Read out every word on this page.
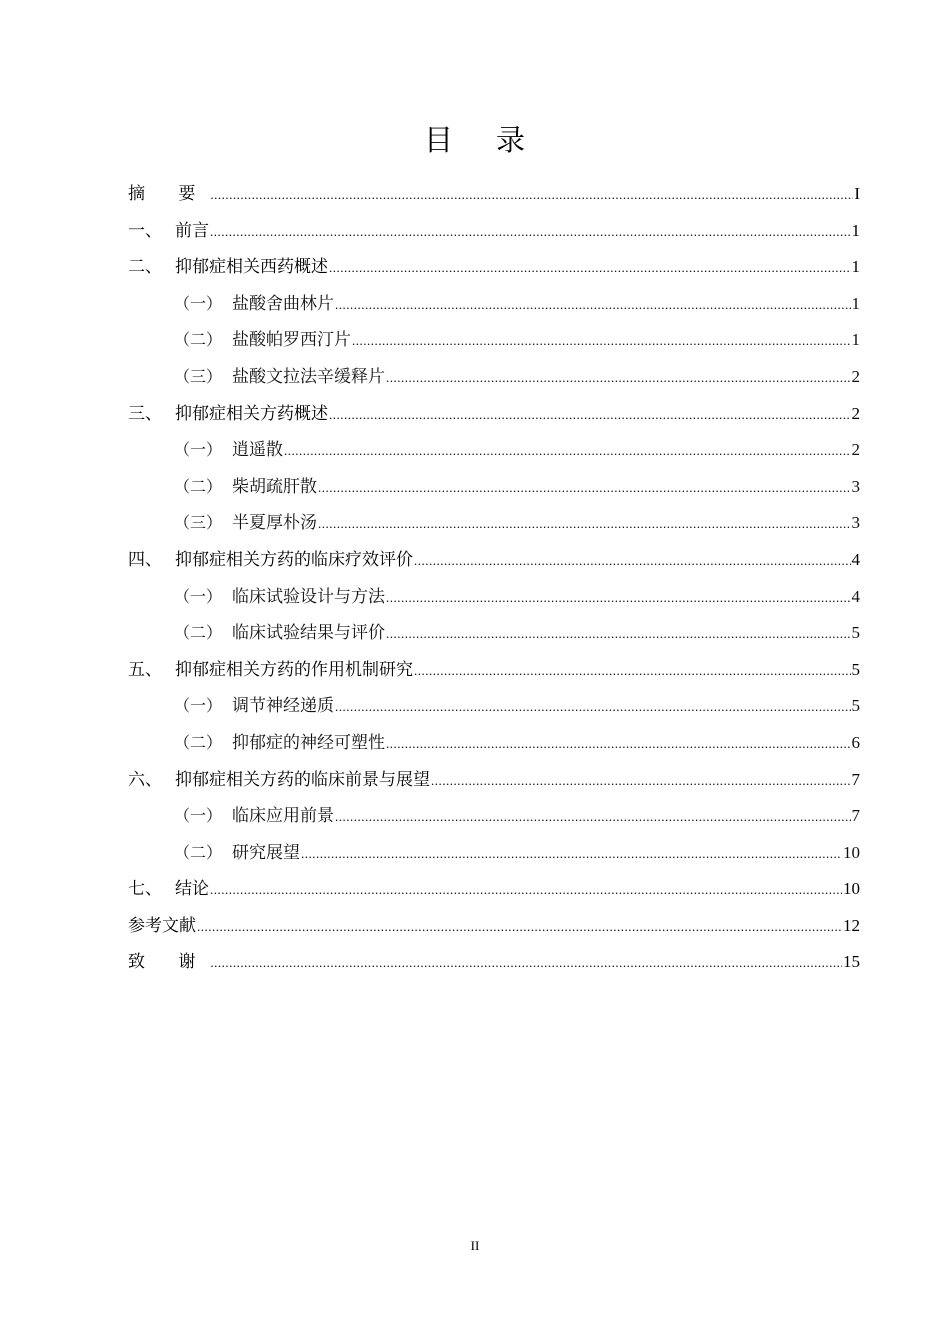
目 录
摘 要 .....	I
一、 前言 .....	1
二、 抑郁症相关西药概述 .....	1
（一） 盐酸舍曲林片 .....	1
（二） 盐酸帕罗西汀片 .....	1
（三） 盐酸文拉法辛缓释片 .....	2
三、 抑郁症相关方药概述 .....	2
（一） 逍遥散 .....	2
（二） 柴胡疏肝散 .....	3
（三） 半夏厚朴汤 .....	3
四、 抑郁症相关方药的临床疗效评价 .....	4
（一） 临床试验设计与方法 .....	4
（二） 临床试验结果与评价 .....	5
五、 抑郁症相关方药的作用机制研究 .....	5
（一） 调节神经递质 .....	5
（二） 抑郁症的神经可塑性 .....	6
六、 抑郁症相关方药的临床前景与展望 .....	7
（一） 临床应用前景 .....	7
（二） 研究展望 .....	10
七、 结论 .....	10
参考文献 .....	12
致 谢 .....	15
II
